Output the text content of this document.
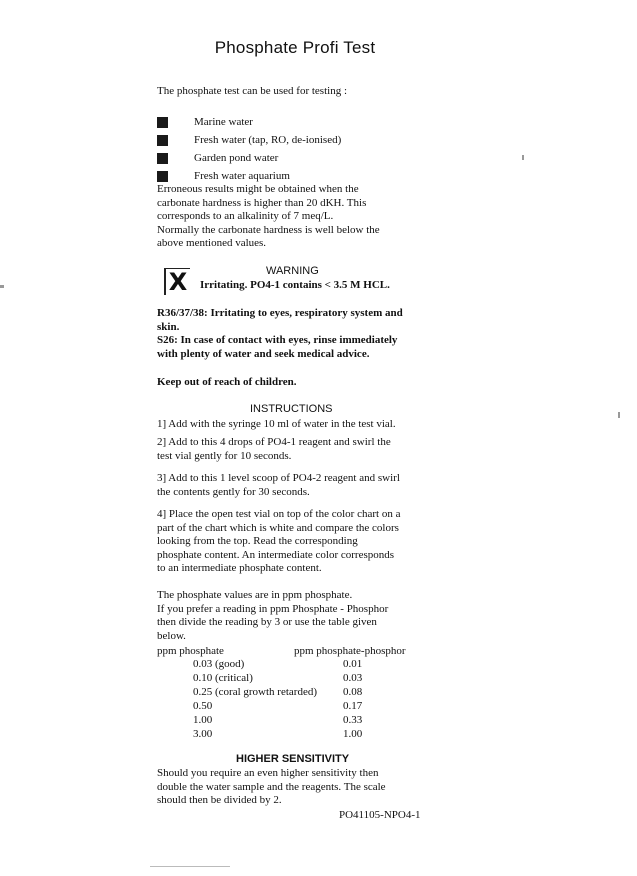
Phosphate Profi Test
The phosphate test can be used for testing :
Marine water
Fresh water (tap, RO, de-ionised)
Garden pond water
Fresh water aquarium
Erroneous results might be obtained when the
carbonate hardness is higher than 20 dKH. This
corresponds to an alkalinity of 7 meq/L.
Normally the carbonate hardness is well below the
above mentioned values.
WARNING
X Irritating. PO4-1 contains < 3.5 M HCL.
R36/37/38: Irritating to eyes, respiratory system and
skin.
S26: In case of contact with eyes, rinse immediately
with plenty of water and seek medical advice.
Keep out of reach of children.
INSTRUCTIONS
1] Add with the syringe 10 ml of water in the test vial.
2] Add to this 4 drops of PO4-1 reagent and swirl the
test vial gently for 10 seconds.
3] Add to this 1 level scoop of PO4-2 reagent and swirl
the contents gently for 30 seconds.
4] Place the open test vial on top of the color chart on a
part of the chart which is white and compare the colors
looking from the top. Read the corresponding
phosphate content. An intermediate color corresponds
to an intermediate phosphate content.
The phosphate values are in ppm phosphate.
If you prefer a reading in ppm Phosphate - Phosphor
then divide the reading by 3 or use the table given
below.
ppm phosphate	ppm phosphate-phosphor
0.03 (good)	0.01
0.10 (critical)	0.03
0.25 (coral growth retarded) 0.08
0.50	0.17
1.00	0.33
3.00	1.00
HIGHER SENSITIVITY
Should you require an even higher sensitivity then
double the water sample and the reagents. The scale
should then be divided by 2.
PO41105-NPO4-1
